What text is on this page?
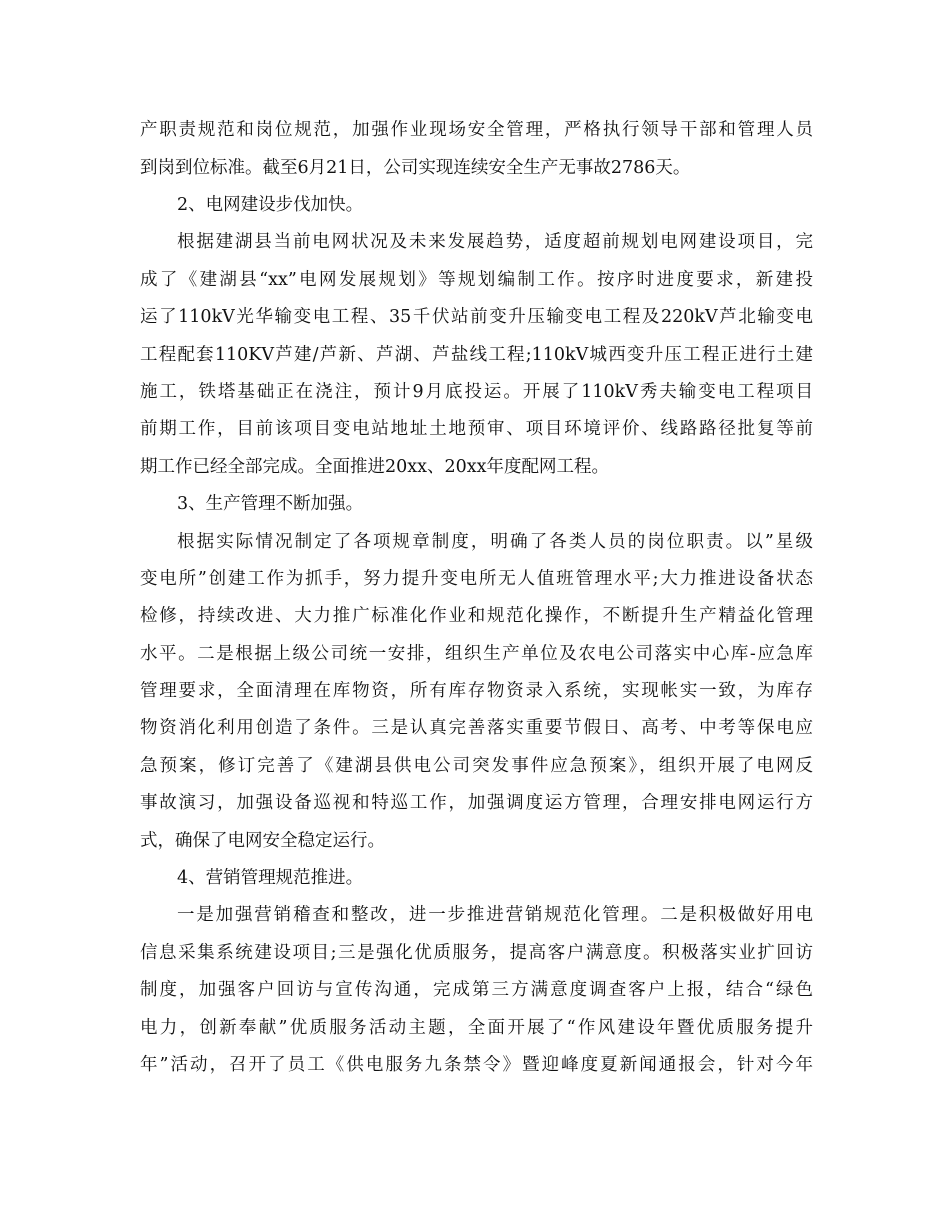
产职责规范和岗位规范，加强作业现场安全管理，严格执行领导干部和管理人员
到岗到位标准。截至6月21日，公司实现连续安全生产无事故2786天。
2、电网建设步伐加快。
根据建湖县当前电网状况及未来发展趋势，适度超前规划电网建设项目，完
成了《建湖县“xx”电网发展规划》等规划编制工作。按序时进度要求，新建投
运了110kV光华输变电工程、35千伏站前变升压输变电工程及220kV芦北输变电
工程配套110KV芦建/芦新、芦湖、芦盐线工程;110kV城西变升压工程正进行土建
施工，铁塔基础正在浇注，预计9月底投运。开展了110kV秀夫输变电工程项目
前期工作，目前该项目变电站地址土地预审、项目环境评价、线路路径批复等前
期工作已经全部完成。全面推进20xx、20xx年度配网工程。
3、生产管理不断加强。
根据实际情况制定了各项规章制度，明确了各类人员的岗位职责。以”星级
变电所”创建工作为抓手，努力提升变电所无人值班管理水平;大力推进设备状态
检修，持续改进、大力推广标准化作业和规范化操作，不断提升生产精益化管理
水平。二是根据上级公司统一安排，组织生产单位及农电公司落实中心库-应急库
管理要求，全面清理在库物资，所有库存物资录入系统，实现帐实一致，为库存
物资消化利用创造了条件。三是认真完善落实重要节假日、高考、中考等保电应
急预案，修订完善了《建湖县供电公司突发事件应急预案》，组织开展了电网反
事故演习，加强设备巡视和特巡工作，加强调度运方管理，合理安排电网运行方
式，确保了电网安全稳定运行。
4、营销管理规范推进。
一是加强营销稽查和整改，进一步推进营销规范化管理。二是积极做好用电
信息采集系统建设项目;三是强化优质服务，提高客户满意度。积极落实业扩回访
制度，加强客户回访与宣传沟通，完成第三方满意度调查客户上报，结合“绿色
电力，创新奉献”优质服务活动主题，全面开展了“作风建设年暨优质服务提升
年”活动，召开了员工《供电服务九条禁令》暨迎峰度夏新闻通报会，针对今年
